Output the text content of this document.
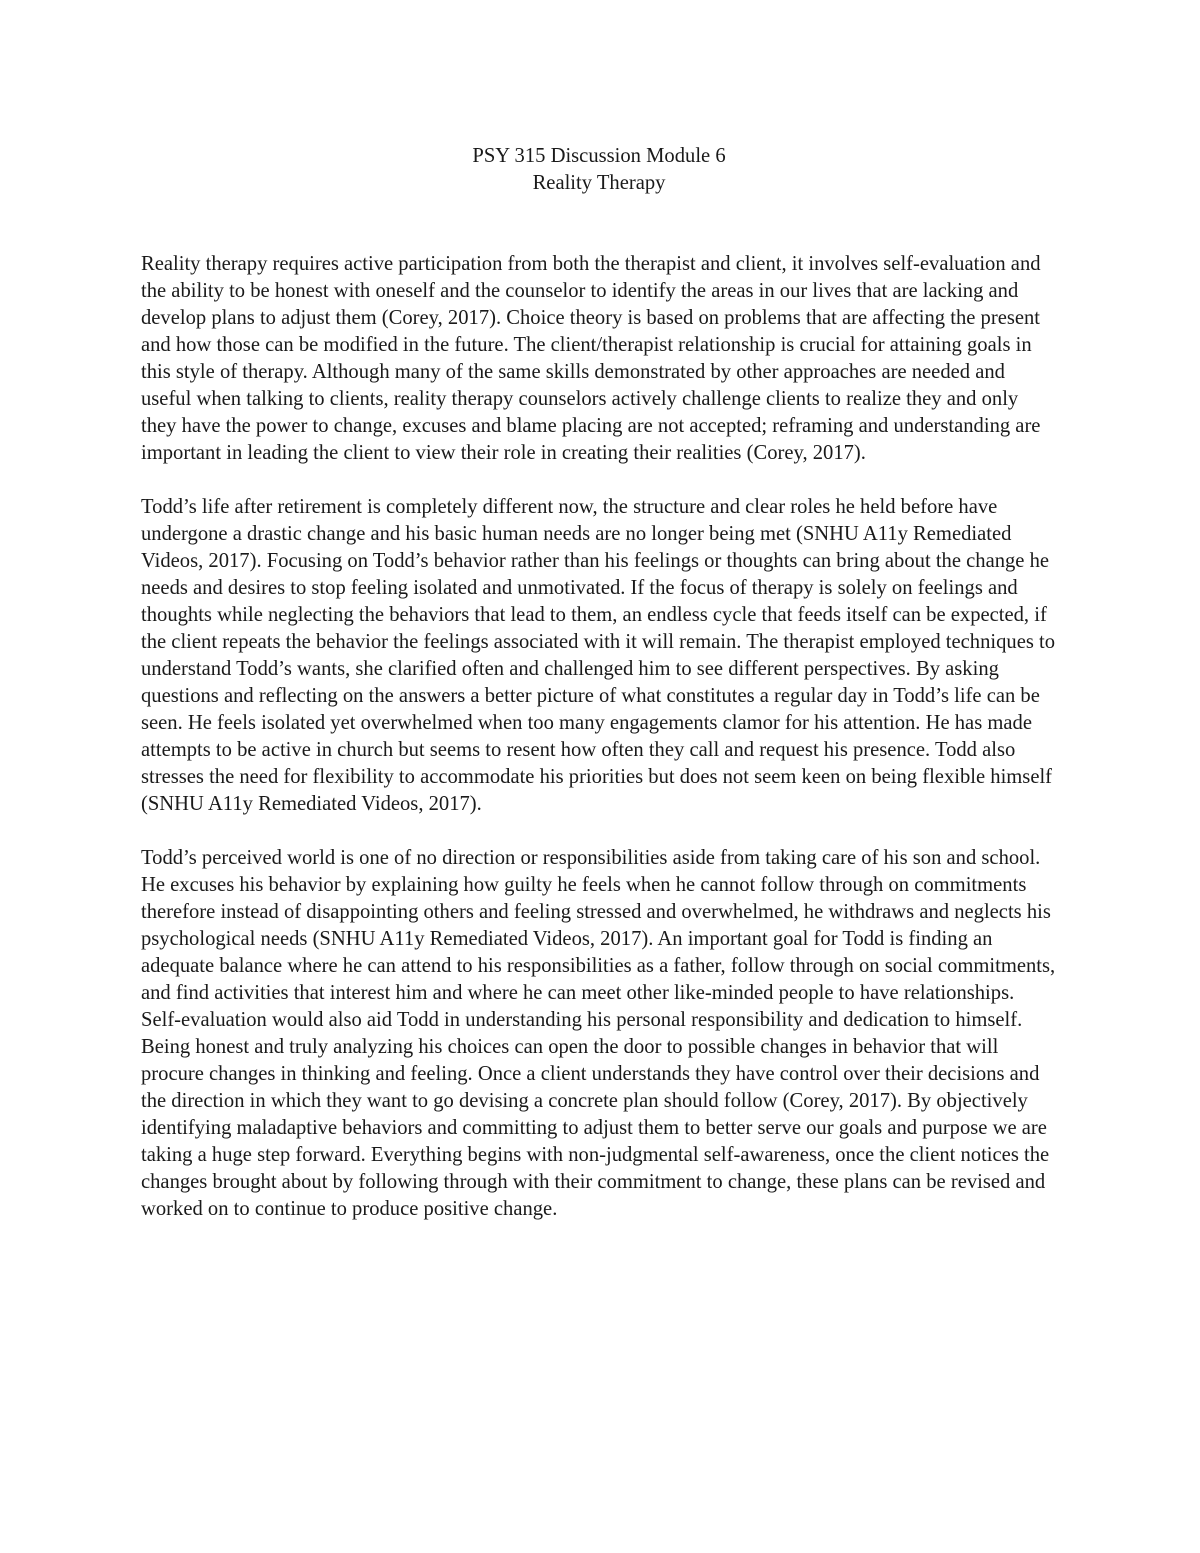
PSY 315 Discussion Module 6
Reality Therapy

Reality therapy requires active participation from both the therapist and client, it involves self-evaluation and the ability to be honest with oneself and the counselor to identify the areas in our lives that are lacking and develop plans to adjust them (Corey, 2017). Choice theory is based on problems that are affecting the present and how those can be modified in the future. The client/therapist relationship is crucial for attaining goals in this style of therapy. Although many of the same skills demonstrated by other approaches are needed and useful when talking to clients, reality therapy counselors actively challenge clients to realize they and only they have the power to change, excuses and blame placing are not accepted; reframing and understanding are important in leading the client to view their role in creating their realities (Corey, 2017).

Todd’s life after retirement is completely different now, the structure and clear roles he held before have undergone a drastic change and his basic human needs are no longer being met (SNHU A11y Remediated Videos, 2017). Focusing on Todd’s behavior rather than his feelings or thoughts can bring about the change he needs and desires to stop feeling isolated and unmotivated. If the focus of therapy is solely on feelings and thoughts while neglecting the behaviors that lead to them, an endless cycle that feeds itself can be expected, if the client repeats the behavior the feelings associated with it will remain. The therapist employed techniques to understand Todd’s wants, she clarified often and challenged him to see different perspectives. By asking questions and reflecting on the answers a better picture of what constitutes a regular day in Todd’s life can be seen. He feels isolated yet overwhelmed when too many engagements clamor for his attention. He has made attempts to be active in church but seems to resent how often they call and request his presence. Todd also stresses the need for flexibility to accommodate his priorities but does not seem keen on being flexible himself (SNHU A11y Remediated Videos, 2017).

Todd’s perceived world is one of no direction or responsibilities aside from taking care of his son and school. He excuses his behavior by explaining how guilty he feels when he cannot follow through on commitments therefore instead of disappointing others and feeling stressed and overwhelmed, he withdraws and neglects his psychological needs (SNHU A11y Remediated Videos, 2017). An important goal for Todd is finding an adequate balance where he can attend to his responsibilities as a father, follow through on social commitments, and find activities that interest him and where he can meet other like-minded people to have relationships. Self-evaluation would also aid Todd in understanding his personal responsibility and dedication to himself. Being honest and truly analyzing his choices can open the door to possible changes in behavior that will procure changes in thinking and feeling. Once a client understands they have control over their decisions and the direction in which they want to go devising a concrete plan should follow (Corey, 2017). By objectively identifying maladaptive behaviors and committing to adjust them to better serve our goals and purpose we are taking a huge step forward. Everything begins with non-judgmental self-awareness, once the client notices the changes brought about by following through with their commitment to change, these plans can be revised and worked on to continue to produce positive change.
